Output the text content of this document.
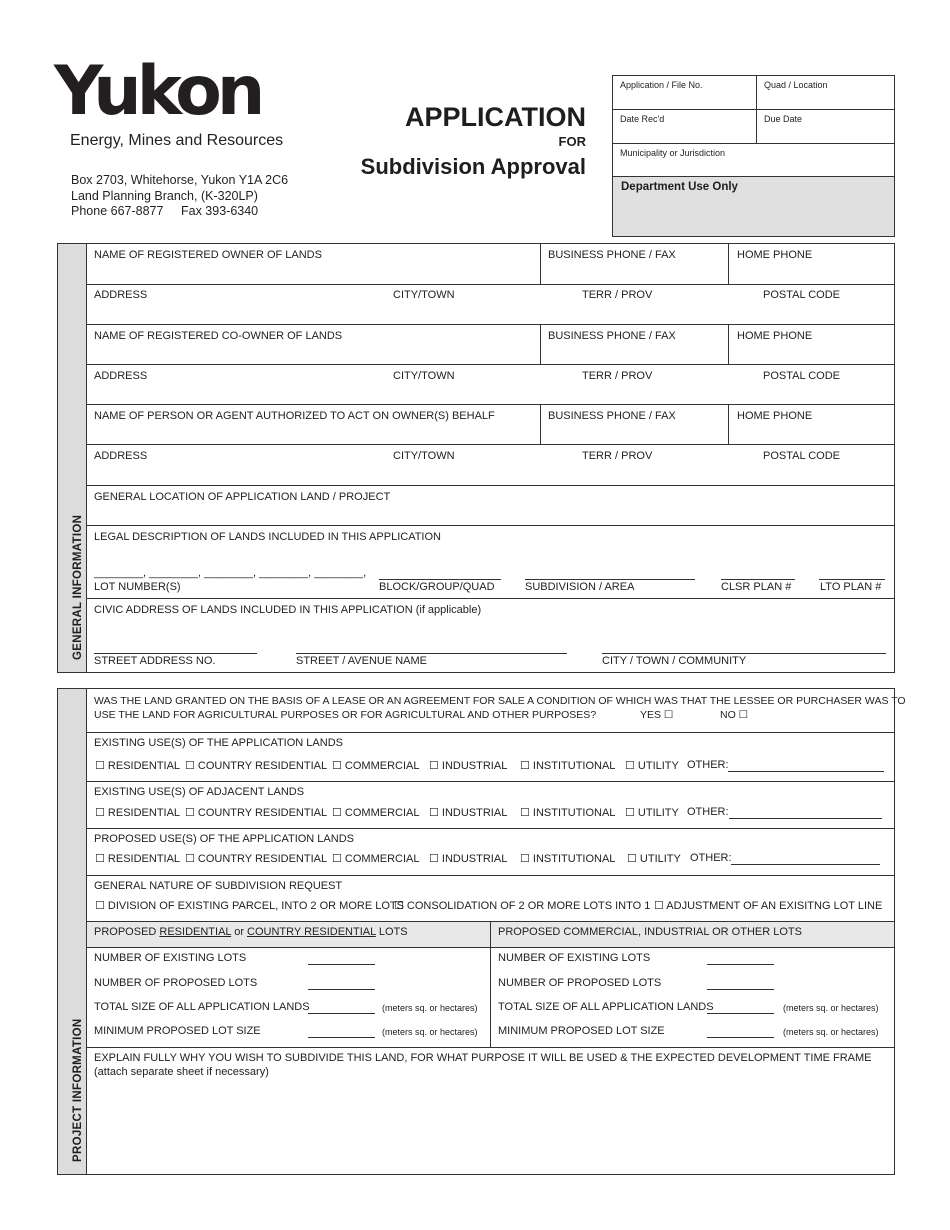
Yukon
Energy, Mines and Resources
Box 2703, Whitehorse, Yukon Y1A 2C6
Land Planning Branch, (K-320LP)
Phone 667-8877 Fax 393-6340
APPLICATION
FOR
Subdivision Approval
Application / File No.	Quad / Location
Date Rec'd	Due Date
Municipality or Jurisdiction
Department Use Only
GENERAL INFORMATION
NAME OF REGISTERED OWNER OF LANDS	BUSINESS PHONE / FAX	HOME PHONE
ADDRESS	CITY/TOWN	TERR / PROV	POSTAL CODE
NAME OF REGISTERED CO-OWNER OF LANDS	BUSINESS PHONE / FAX	HOME PHONE
ADDRESS	CITY/TOWN	TERR / PROV	POSTAL CODE
NAME OF PERSON OR AGENT AUTHORIZED TO ACT ON OWNER(S) BEHALF	BUSINESS PHONE / FAX	HOME PHONE
ADDRESS	CITY/TOWN	TERR / PROV	POSTAL CODE
GENERAL LOCATION OF APPLICATION LAND / PROJECT
LEGAL DESCRIPTION OF LANDS INCLUDED IN THIS APPLICATION
________, ________, ________, ________, ________,
LOT NUMBER(S)	BLOCK/GROUP/QUAD	SUBDIVISION / AREA	CLSR PLAN #	LTO PLAN #
CIVIC ADDRESS OF LANDS INCLUDED IN THIS APPLICATION (if applicable)
STREET ADDRESS NO.	STREET / AVENUE NAME	CITY / TOWN / COMMUNITY
PROJECT INFORMATION
WAS THE LAND GRANTED ON THE BASIS OF A LEASE OR AN AGREEMENT FOR SALE A CONDITION OF WHICH WAS THAT THE LESSEE OR PURCHASER WAS TO
USE THE LAND FOR AGRICULTURAL PURPOSES OR FOR AGRICULTURAL AND OTHER PURPOSES?	YES ☐	NO ☐
EXISTING USE(S) OF THE APPLICATION LANDS
☐ RESIDENTIAL ☐ COUNTRY RESIDENTIAL ☐ COMMERCIAL ☐ INDUSTRIAL ☐ INSTITUTIONAL ☐ UTILITY OTHER:
EXISTING USE(S) OF ADJACENT LANDS
☐ RESIDENTIAL ☐ COUNTRY RESIDENTIAL ☐ COMMERCIAL ☐ INDUSTRIAL ☐ INSTITUTIONAL ☐ UTILITY OTHER:
PROPOSED USE(S) OF THE APPLICATION LANDS
☐ RESIDENTIAL ☐ COUNTRY RESIDENTIAL ☐ COMMERCIAL ☐ INDUSTRIAL ☐ INSTITUTIONAL ☐ UTILITY OTHER:
GENERAL NATURE OF SUBDIVISION REQUEST
☐ DIVISION OF EXISTING PARCEL, INTO 2 OR MORE LOTS
☐ CONSOLIDATION OF 2 OR MORE LOTS INTO 1 ☐ ADJUSTMENT OF AN EXISITNG LOT LINE
PROPOSED RESIDENTIAL or COUNTRY RESIDENTIAL LOTS	PROPOSED COMMERCIAL, INDUSTRIAL OR OTHER LOTS
NUMBER OF EXISTING LOTS
NUMBER OF PROPOSED LOTS
TOTAL SIZE OF ALL APPLICATION LANDS	(meters sq. or hectares)
MINIMUM PROPOSED LOT SIZE	(meters sq. or hectares)
NUMBER OF EXISTING LOTS
NUMBER OF PROPOSED LOTS
TOTAL SIZE OF ALL APPLICATION LANDS	(meters sq. or hectares)
MINIMUM PROPOSED LOT SIZE	(meters sq. or hectares)
EXPLAIN FULLY WHY YOU WISH TO SUBDIVIDE THIS LAND, FOR WHAT PURPOSE IT WILL BE USED & THE EXPECTED DEVELOPMENT TIME FRAME
(attach separate sheet if necessary)
